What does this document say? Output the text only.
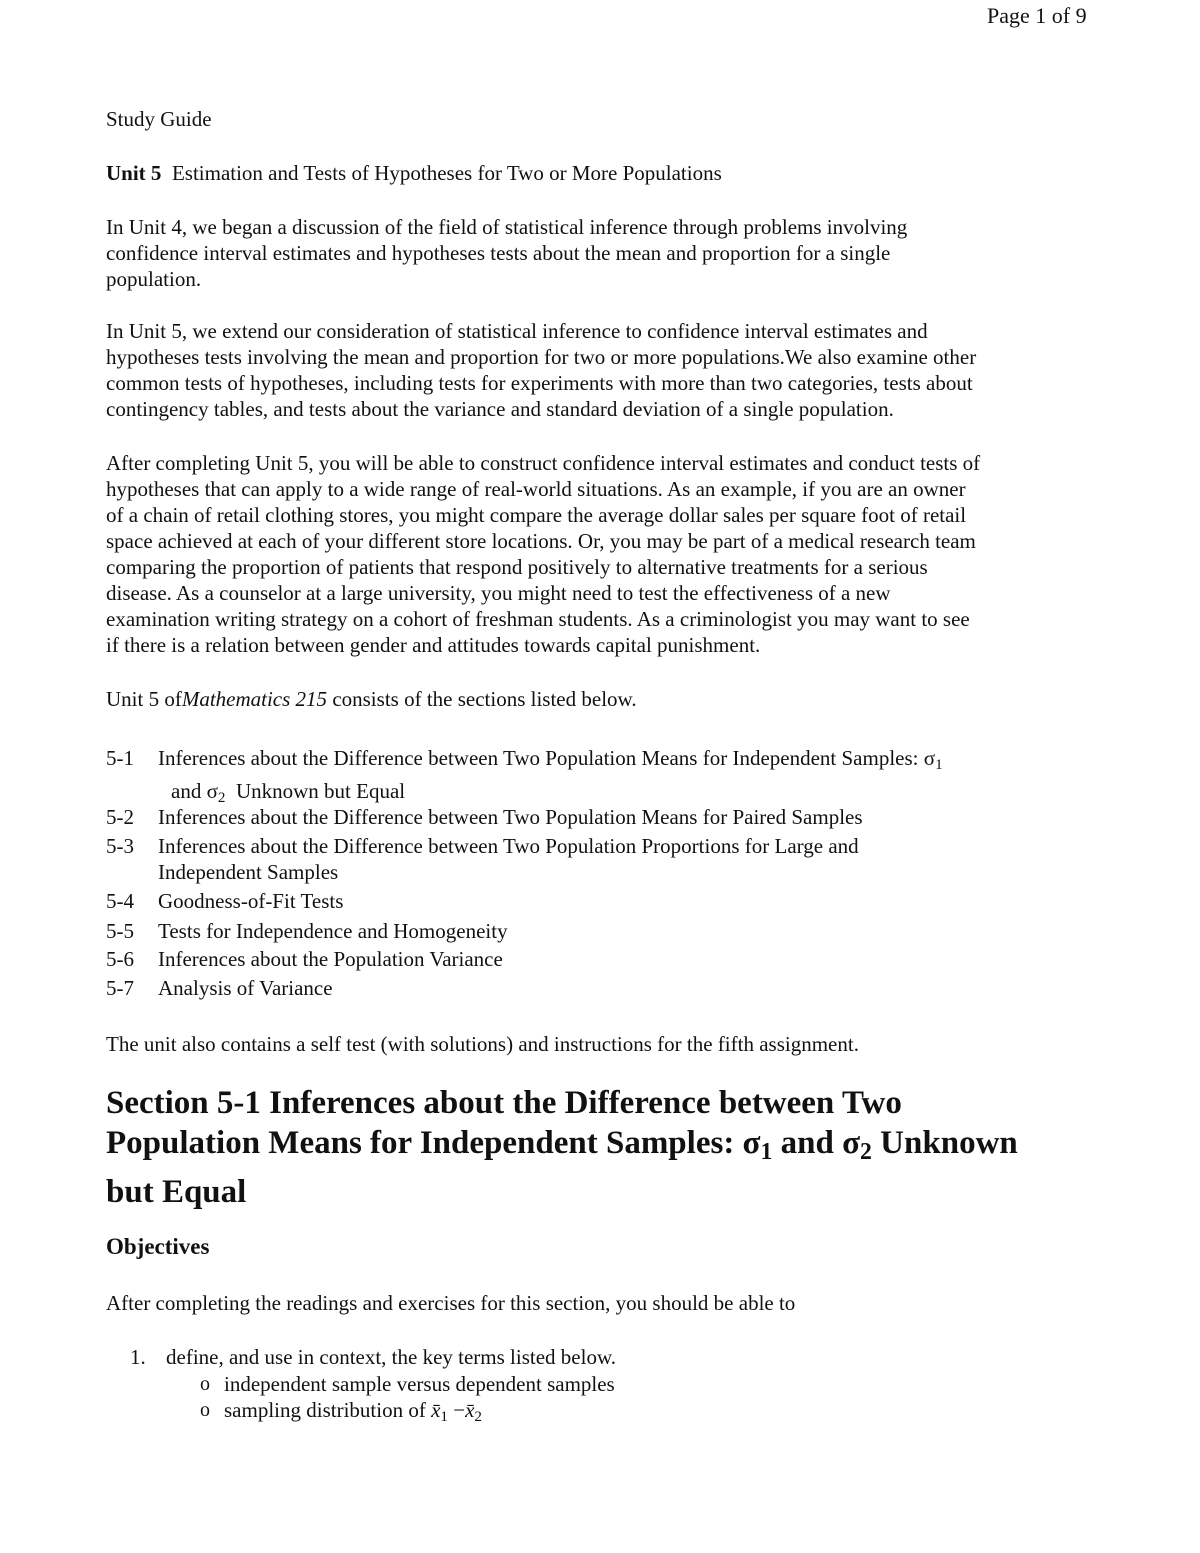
Page 1 of 9
Study Guide
Unit 5 Estimation and Tests of Hypotheses for Two or More Populations
In Unit 4, we began a discussion of the field of statistical inference through problems involving
confidence interval estimates and hypotheses tests about the mean and proportion for a single
population.
In Unit 5, we extend our consideration of statistical inference to confidence interval estimates and
hypotheses tests involving the mean and proportion for two or more populations.We also examine other
common tests of hypotheses, including tests for experiments with more than two categories, tests about
contingency tables, and tests about the variance and standard deviation of a single population.
After completing Unit 5, you will be able to construct confidence interval estimates and conduct tests of
hypotheses that can apply to a wide range of real-world situations. As an example, if you are an owner
of a chain of retail clothing stores, you might compare the average dollar sales per square foot of retail
space achieved at each of your different store locations. Or, you may be part of a medical research team
comparing the proportion of patients that respond positively to alternative treatments for a serious
disease. As a counselor at a large university, you might need to test the effectiveness of a new
examination writing strategy on a cohort of freshman students. As a criminologist you may want to see
if there is a relation between gender and attitudes towards capital punishment.
Unit 5 ofMathematics 215 consists of the sections listed below.
5-1 Inferences about the Difference between Two Population Means for Independent Samples: $\sigma_1$
and $\sigma_2$ Unknown but Equal
5-2 Inferences about the Difference between Two Population Means for Paired Samples
5-3 Inferences about the Difference between Two Population Proportions for Large and
Independent Samples
5-4 Goodness-of-Fit Tests
5-5 Tests for Independence and Homogeneity
5-6 Inferences about the Population Variance
5-7 Analysis of Variance
The unit also contains a self test (with solutions) and instructions for the fifth assignment.
Section 5-1 Inferences about the Difference between Two
Population Means for Independent Samples: $\sigma_1$ and $\sigma_2$ Unknown
but Equal
Objectives
After completing the readings and exercises for this section, you should be able to
1. define, and use in context, the key terms listed below.
o independent sample versus dependent samples
o sampling distribution of $x̄_1$ $-x̄_2$
